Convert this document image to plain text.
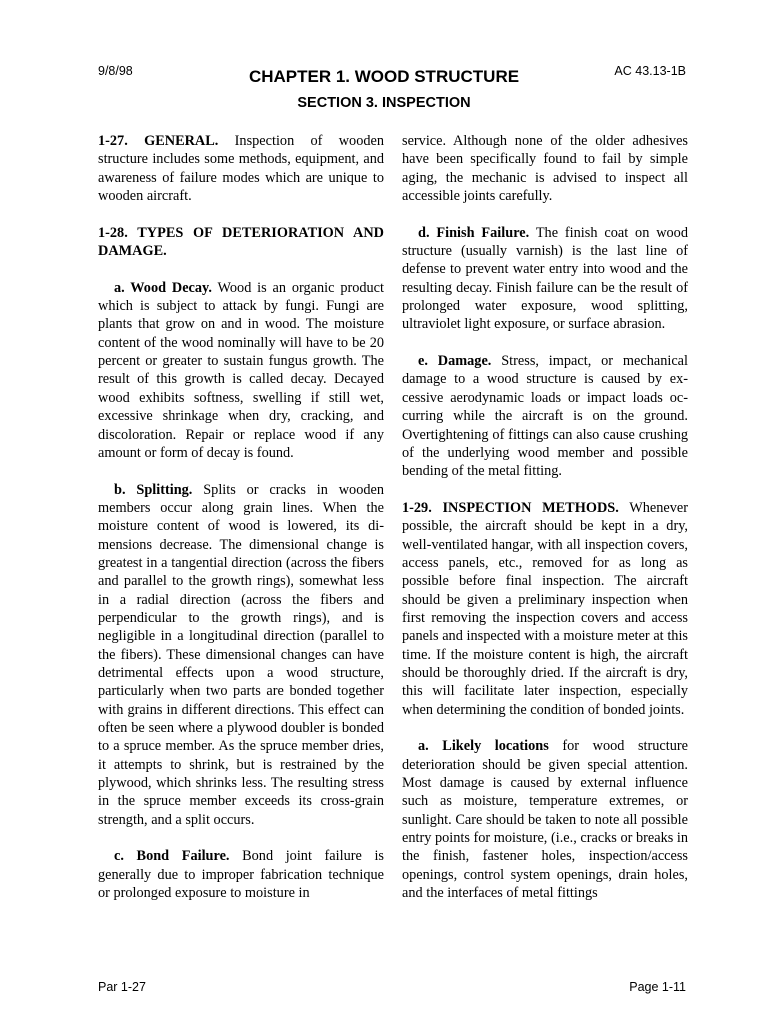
9/8/98	CHAPTER 1. WOOD STRUCTURE	AC 43.13-1B
SECTION 3. INSPECTION

1-27. GENERAL. Inspection of wooden structure includes some methods, equipment, and awareness of failure modes which are unique to wooden aircraft.

1-28. TYPES OF DETERIORATION AND DAMAGE.

a. Wood Decay. Wood is an organic product which is subject to attack by fungi. Fungi are plants that grow on and in wood. The moisture content of the wood nominally will have to be 20 percent or greater to sustain fungus growth. The result of this growth is called decay. Decayed wood exhibits softness, swelling if still wet, excessive shrinkage when dry, cracking, and discoloration. Repair or replace wood if any amount or form of decay is found.

b. Splitting. Splits or cracks in wooden members occur along grain lines. When the moisture content of wood is lowered, its dimensions decrease. The dimensional change is greatest in a tangential direction (across the fibers and parallel to the growth rings), somewhat less in a radial direction (across the fibers and perpendicular to the growth rings), and is negligible in a longitudinal direction (parallel to the fibers). These dimensional changes can have detrimental effects upon a wood structure, particularly when two parts are bonded together with grains in different directions. This effect can often be seen where a plywood doubler is bonded to a spruce member. As the spruce member dries, it attempts to shrink, but is restrained by the plywood, which shrinks less. The resulting stress in the spruce member exceeds its cross-grain strength, and a split occurs.

c. Bond Failure. Bond joint failure is generally due to improper fabrication technique or prolonged exposure to moisture in

service. Although none of the older adhesives have been specifically found to fail by simple aging, the mechanic is advised to inspect all accessible joints carefully.

d. Finish Failure. The finish coat on wood structure (usually varnish) is the last line of defense to prevent water entry into wood and the resulting decay. Finish failure can be the result of prolonged water exposure, wood splitting, ultraviolet light exposure, or surface abrasion.

e. Damage. Stress, impact, or mechanical damage to a wood structure is caused by excessive aerodynamic loads or impact loads occurring while the aircraft is on the ground. Overtightening of fittings can also cause crushing of the underlying wood member and possible bending of the metal fitting.

1-29. INSPECTION METHODS. Whenever possible, the aircraft should be kept in a dry, well-ventilated hangar, with all inspection covers, access panels, etc., removed for as long as possible before final inspection. The aircraft should be given a preliminary inspection when first removing the inspection covers and access panels and inspected with a moisture meter at this time. If the moisture content is high, the aircraft should be thoroughly dried. If the aircraft is dry, this will facilitate later inspection, especially when determining the condition of bonded joints.

a. Likely locations for wood structure deterioration should be given special attention. Most damage is caused by external influence such as moisture, temperature extremes, or sunlight. Care should be taken to note all possible entry points for moisture, (i.e., cracks or breaks in the finish, fastener holes, inspection/access openings, control system openings, drain holes, and the interfaces of metal fittings

Par 1-27	Page 1-11
